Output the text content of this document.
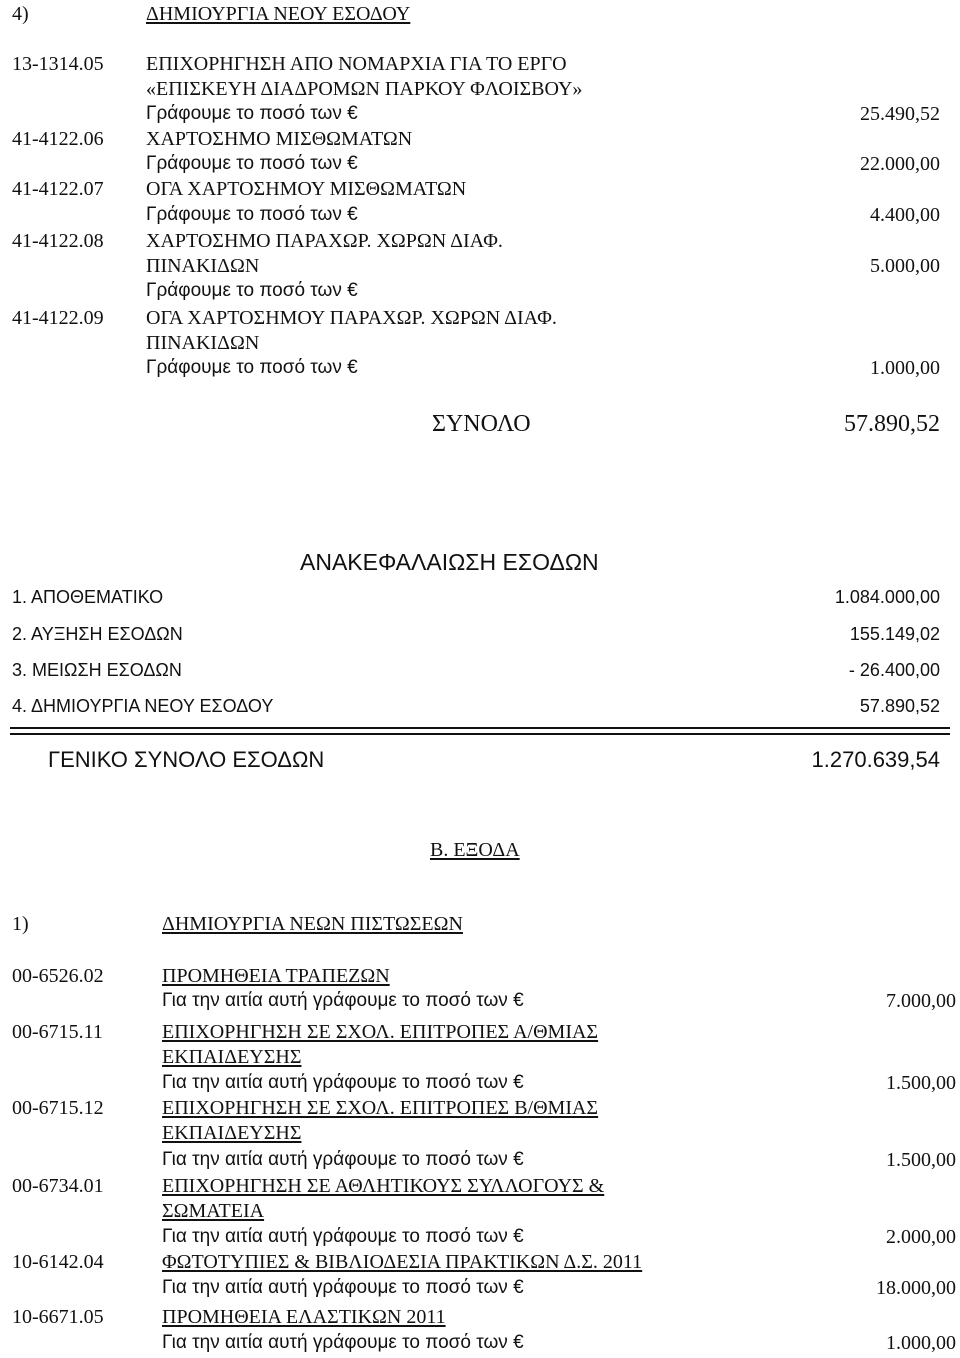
4)	ΔΗΜΙΟΥΡΓΙΑ ΝΕΟΥ ΕΣΟΔΟΥ
13-1314.05 ΕΠΙΧΟΡΗΓΗΣΗ ΑΠΟ ΝΟΜΑΡΧΙΑ ΓΙΑ ΤΟ ΕΡΓΟ
«ΕΠΙΣΚΕΥΗ ΔΙΑΔΡΟΜΩΝ ΠΑΡΚΟΥ ΦΛΟΙΣΒΟΥ»
Γράφουμε το ποσό των €	25.490,52
41-4122.06 ΧΑΡΤΟΣΗΜΟ ΜΙΣΘΩΜΑΤΩΝ
Γράφουμε το ποσό των €	22.000,00
41-4122.07 ΟΓΑ ΧΑΡΤΟΣΗΜΟΥ ΜΙΣΘΩΜΑΤΩΝ
Γράφουμε το ποσό των €	4.400,00
41-4122.08 ΧΑΡΤΟΣΗΜΟ ΠΑΡΑΧΩΡ. ΧΩΡΩΝ ΔΙΑΦ.
ΠΙΝΑΚΙΔΩΝ	5.000,00
Γράφουμε το ποσό των €
41-4122.09 ΟΓΑ ΧΑΡΤΟΣΗΜΟΥ ΠΑΡΑΧΩΡ. ΧΩΡΩΝ ΔΙΑΦ.
ΠΙΝΑΚΙΔΩΝ
Γράφουμε το ποσό των €	1.000,00
ΣΥΝΟΛΟ	57.890,52
ΑΝΑΚΕΦΑΛΑΙΩΣΗ ΕΣΟΔΩΝ
1. ΑΠΟΘΕΜΑΤΙΚΟ	1.084.000,00
2. ΑΥΞΗΣΗ ΕΣΟΔΩΝ	155.149,02
3. ΜΕΙΩΣΗ ΕΣΟΔΩΝ	- 26.400,00
4. ΔΗΜΙΟΥΡΓΙΑ ΝΕΟΥ ΕΣΟΔΟΥ	57.890,52
ΓΕΝΙΚΟ ΣΥΝΟΛΟ ΕΣΟΔΩΝ	1.270.639,54
Β. ΕΞΟΔΑ
1)	ΔΗΜΙΟΥΡΓΙΑ ΝΕΩΝ ΠΙΣΤΩΣΕΩΝ
00-6526.02	ΠΡΟΜΗΘΕΙΑ ΤΡΑΠΕΖΩΝ
Για την αιτία αυτή γράφουμε το ποσό των €	7.000,00
00-6715.11	ΕΠΙΧΟΡΗΓΗΣΗ ΣΕ ΣΧΟΛ. ΕΠΙΤΡΟΠΕΣ Α/ΘΜΙΑΣ
ΕΚΠΑΙΔΕΥΣΗΣ
Για την αιτία αυτή γράφουμε το ποσό των €	1.500,00
00-6715.12	ΕΠΙΧΟΡΗΓΗΣΗ ΣΕ ΣΧΟΛ. ΕΠΙΤΡΟΠΕΣ Β/ΘΜΙΑΣ
ΕΚΠΑΙΔΕΥΣΗΣ
Για την αιτία αυτή γράφουμε το ποσό των €	1.500,00
00-6734.01	ΕΠΙΧΟΡΗΓΗΣΗ ΣΕ ΑΘΛΗΤΙΚΟΥΣ ΣΥΛΛΟΓΟΥΣ &
ΣΩΜΑΤΕΙΑ
Για την αιτία αυτή γράφουμε το ποσό των €	2.000,00
10-6142.04	ΦΩΤΟΤΥΠΙΕΣ & ΒΙΒΛΙΟΔΕΣΙΑ ΠΡΑΚΤΙΚΩΝ Δ.Σ. 2011
Για την αιτία αυτή γράφουμε το ποσό των €	18.000,00
10-6671.05	ΠΡΟΜΗΘΕΙΑ ΕΛΑΣΤΙΚΩΝ 2011
Για την αιτία αυτή γράφουμε το ποσό των €	1.000,00
